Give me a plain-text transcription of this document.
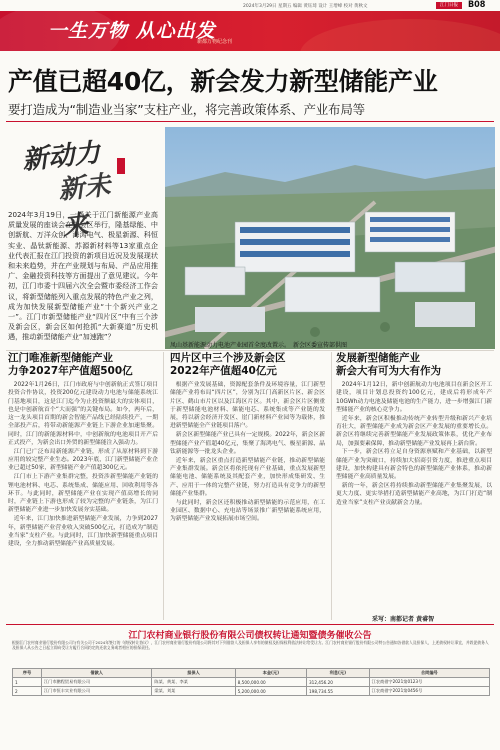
2024年3月29日 星期五 编辑 黄钰琦 设计 王增峰 校对 黄秋文	江门日报	B08
一生万物 从心出发
新都万物纪念刊
产值已超40亿，新会发力新型储能产业
要打造成为“制造业当家”支柱产业，将完善政策体系、产业布局等
新动力
新未来
2024年3月19日，一场关于江门新能源产业高质量发展的座谈会在新会区举行，隆基绿能、中创新航、万洋众创、海鸿电气、极星新源、科恒实业、晶钛新能源、苏源新材料等13家重点企业代表汇报在江门投资的新项目近况及发展现状和未来趋势，并在产业规划与布局、产品应用推广、金融投资科技等方面提出了意见建议。今年初，江门市委十四届六次全会暨市委经济工作会议，将新型储能列入重点发展的特色产业之列，成为加快发展新型储能产业“十个新兴产业之一”。江门市新型储能产业“四片区”中有三个涉及新会区，新会区如何抢抓“大新赛道”历史机遇，推动新型储能产业“加速跑”？
凤山基新能源动力电池产业园首全度改置示。　新会区委宣传部供图
江门唯准新型储能产业
力争2027年产值超500亿

2022年1月26日，江门市政府与中创新航正式签订项目投资合作协议，投资200亿元建设动力电池与储能系统江门基地项目，这是江门迄今为止投资额最大的实体项目，也是中创新航首个“大而强”的关键布局。如今，两年后，这一龙头项目首期的新会智能产品线已经陆续投产，一期全部投产后，将带动新能源产业链上下游企业加速集聚。同时，江门的新能源材料中，中创新航的电池项目开产后正式投产，为新会出口外贸的新型储能注入强动力。

江门已广泛布局新能源产业链，形成了从原材料到下游应用的较完整产业生态。2023年底，江门新型储能产业企业已超过50家，新型储能产业产值超300亿元。

江门市上下游产业集群完整，投资涉新型储能产业链的锂电池材料、电芯、系统集成、储能应用、回收利用等各环节。与此同时，新型储能产业在实现产值高增长的同时，产业链上下游也形成了较为完整的产业链条，为江门新型储能产业进一步加快发展夯实基础。

近年来，江门加快推进新型储能产业发展，力争到2027年，新型储能产业营业收入突破500亿元，打造成为“制造业当家”支柱产业。与此同时，江门加快新型储能重点项目建设，全力推动新型储能产业高质量发展。

四片区中三个涉及新会区
2022年产值超40亿元

根据产业发展基础，资源配套条件及环境容量，江门新型储能产业将布局“四片区”，分别为江门高新区片区、新会区片区、鹤山市片区以及江海区片区。其中，新会区片区侧重于新型储能电池材料、储能电芯、系统集成等产业链的发展，将以新会经济开发区、崖门新材料产业园等为载体，推进新型储能全产业链项目落户。

新会区新型储能产业已具有一定规模。2022年，新会区新型储能产业产值超40亿元，集聚了海鸿电气、极星新源、晶钛新能源等一批龙头企业。

近年来，新会区重点打造新型储能产业链，推动新型储能产业集群发展。新会区将依托现有产业基础，重点发展新型储能电池、储能系统及其配套产业，加快形成集研发、生产、应用于一体的完整产业链，努力打造具有竞争力的新型储能产业集群。

与此同时，新会区还积极推动新型储能的示范应用，在工业园区、数据中心、充电站等场景推广新型储能系统应用，为新型储能产业发展拓展市场空间。

发展新型储能产业
新会大有可为大有作为

2024年1月12日，新中创新航动力电池项目在新会区开工建设，项目计划总投资约100亿元，建成后将形成年产10GWh动力电池及储能电池的生产能力，进一步增强江门新型储能产业的核心竞争力。

近年来，新会区积极推动传统产业转型升级和新兴产业培育壮大，新型储能产业成为新会区产业发展的重要增长点。新会区将继续完善新型储能产业发展政策体系，优化产业布局，加强要素保障，推动新型储能产业发展再上新台阶。

下一步，新会区将立足自身资源禀赋和产业基础，以新型储能产业为突破口，持续加大招商引资力度，推进重点项目建设，加快构建具有新会特色的新型储能产业体系，推动新型储能产业高质量发展。

新的一年，新会区将持续推动新型储能产业集聚发展，以更大力度、更实举措打造新型储能产业高地，为江门打造“制造业当家”支柱产业贡献新会力量。

采写：南都记者 黄睿智
江门农村商业银行股份有限公司债权转让通知暨债务催收公告
根据江门农村商业银行股份有限公司与有关公司于2024年签订的《债权转让协议》，江门农村商业银行股份有限公司将其对下列借款人及担保人享有的债权及担保权利依法转让给受让方。江门农村商业银行股份有限公司特公告通知各借款人及担保人，上述债权转让事宜，并敦促债务人及担保人从公告之日起立即向受让方履行合同约定的还款义务或者相应的担保责任。
序号	借款人	担保人	本金(元)	利息(元)	合同编号
1	江门市鹏程贸易有限公司	陈某、黄某、李某	8,500,000.00	312,456.20	江农商借字2021第0123号
2	江门市恒丰实业有限公司	梁某、刘某	5,200,000.00	198,734.55	江农商借字2021第0456号
